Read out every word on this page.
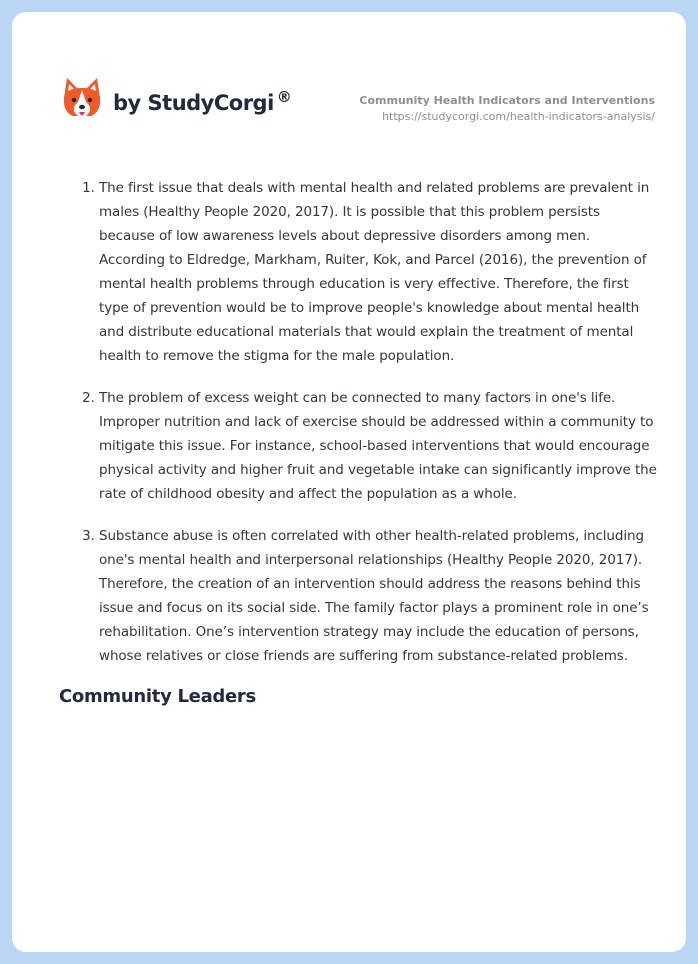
by StudyCorgi ®	Community Health Indicators and Interventions
https://studycorgi.com/health-indicators-analysis/
1. The first issue that deals with mental health and related problems are prevalent in males (Healthy People 2020, 2017). It is possible that this problem persists because of low awareness levels about depressive disorders among men. According to Eldredge, Markham, Ruiter, Kok, and Parcel (2016), the prevention of mental health problems through education is very effective. Therefore, the first type of prevention would be to improve people's knowledge about mental health and distribute educational materials that would explain the treatment of mental health to remove the stigma for the male population.
2. The problem of excess weight can be connected to many factors in one's life. Improper nutrition and lack of exercise should be addressed within a community to mitigate this issue. For instance, school-based interventions that would encourage physical activity and higher fruit and vegetable intake can significantly improve the rate of childhood obesity and affect the population as a whole.
3. Substance abuse is often correlated with other health-related problems, including one's mental health and interpersonal relationships (Healthy People 2020, 2017). Therefore, the creation of an intervention should address the reasons behind this issue and focus on its social side. The family factor plays a prominent role in one’s rehabilitation. One’s intervention strategy may include the education of persons, whose relatives or close friends are suffering from substance-related problems.
Community Leaders
